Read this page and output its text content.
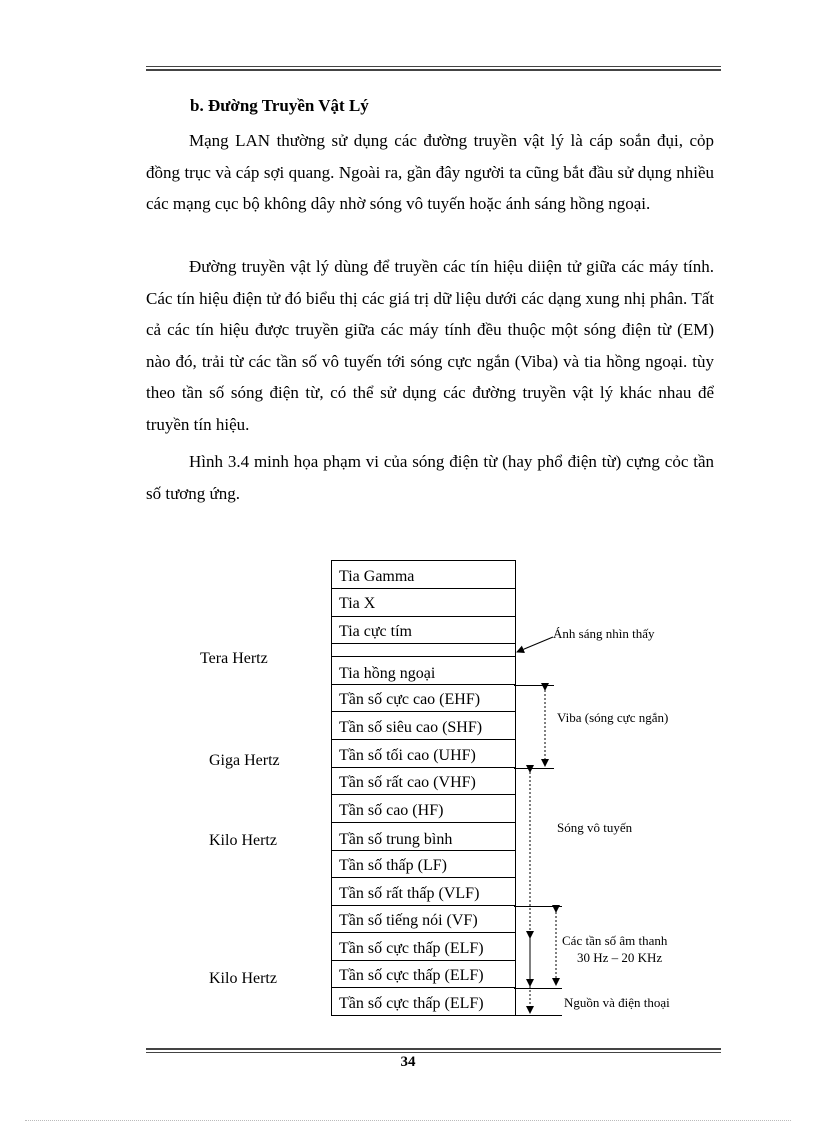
b. Đường Truyền Vật Lý

Mạng LAN thường sử dụng các đường truyền vật lý là cáp soắn đụi, cỏp đồng trục và cáp sợi quang. Ngoài ra, gần đây người ta cũng bắt đầu sử dụng nhiều các mạng cục bộ không dây nhờ sóng vô tuyến hoặc ánh sáng hồng ngoại.

Đường truyền vật lý dùng để truyền các tín hiệu diiện tử giữa các máy tính. Các tín hiệu điện tử đó biểu thị các giá trị dữ liệu dưới các dạng xung nhị phân. Tất cả các tín hiệu được truyền giữa các máy tính đều thuộc một sóng điện từ (EM) nào đó, trải từ các tần số vô tuyến tới sóng cực ngắn (Viba) và tia hồng ngoại. tùy theo tần số sóng điện từ, có thể sử dụng các đường truyền vật lý khác nhau để truyền tín hiệu.

Hình 3.4 minh họa phạm vi của sóng điện từ (hay phổ điện từ) cựng cỏc tần số tương ứng.

Tia Gamma
Tia X
Tia cực tím
Tia hồng ngoại
Tần số cực cao (EHF)
Tần số siêu cao (SHF)
Tần số tối cao (UHF)
Tần số rất cao (VHF)
Tần số cao (HF)
Tần số trung bình
Tần số thấp (LF)
Tần số rất thấp (VLF)
Tần số tiếng nói (VF)
Tần số cực thấp (ELF)
Tần số cực thấp (ELF)
Tần số cực thấp (ELF)
Tera Hertz
Giga Hertz
Kilo Hertz
Kilo Hertz
Ánh sáng nhìn thấy
Viba (sóng cực ngắn)
Sóng vô tuyến
Các tần số âm thanh
30 Hz – 20 KHz
Nguồn và điện thoại
34
